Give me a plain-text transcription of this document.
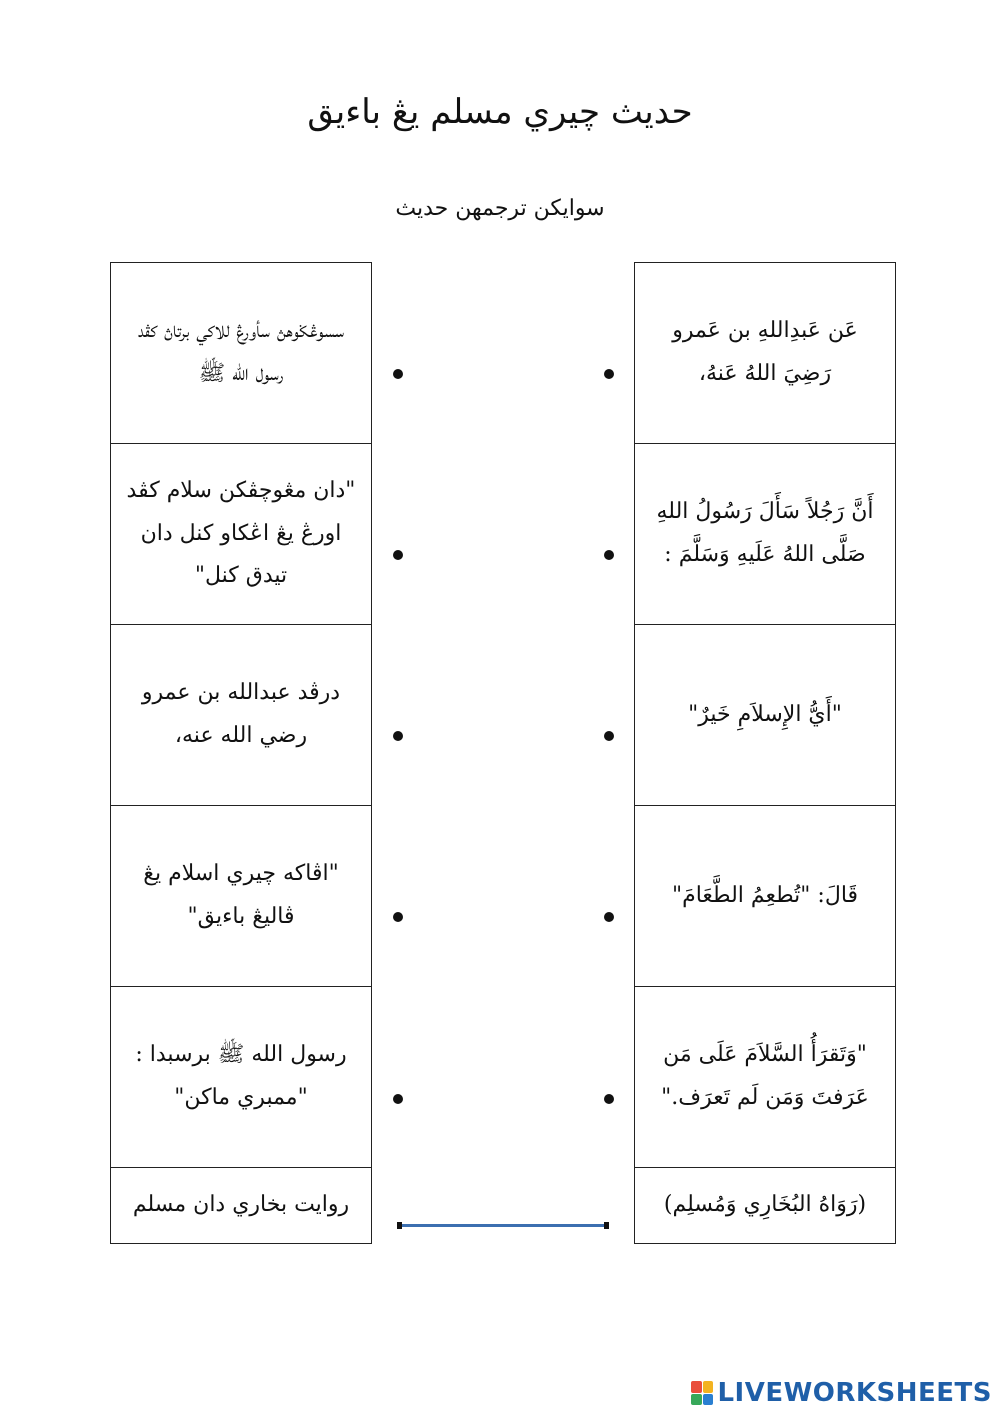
حديث چيري مسلم يڠ باءيق
سوايکن ترجمهن حديث
سسوڠݢوهڽ سأورڠ للاکي برتاڽ کڤد رسول الله ﷺ
"دان مڠوچڤکن سلام کڤد اورڠ يڠ اڠکاو کنل دان تيدق کنل"
درڤد عبدالله بن عمرو رضي الله عنه،
"اڤاکه چيري اسلام يڠ ڤاليڠ باءيق"
رسول الله ﷺ برسبدا : "ممبري ماکن"
روايت بخاري دان مسلم
عَن عَبدِاللهِ بن عَمرو رَضِيَ اللهُ عَنهُ،
أَنَّ رَجُلاً سَأَلَ رَسُولُ اللهِ صَلَّى اللهُ عَلَيهِ وَسَلَّمَ :
"أَيُّ الإِسلاَمِ خَيرٌ"
قَالَ: "تُطعِمُ الطَّعَامَ"
"وَتَقرَأُ السَّلاَمَ عَلَى مَن عَرَفتَ وَمَن لَم تَعرَف."
(رَوَاهُ البُخَارِي وَمُسلِم)
LIVEWORKSHEETS
